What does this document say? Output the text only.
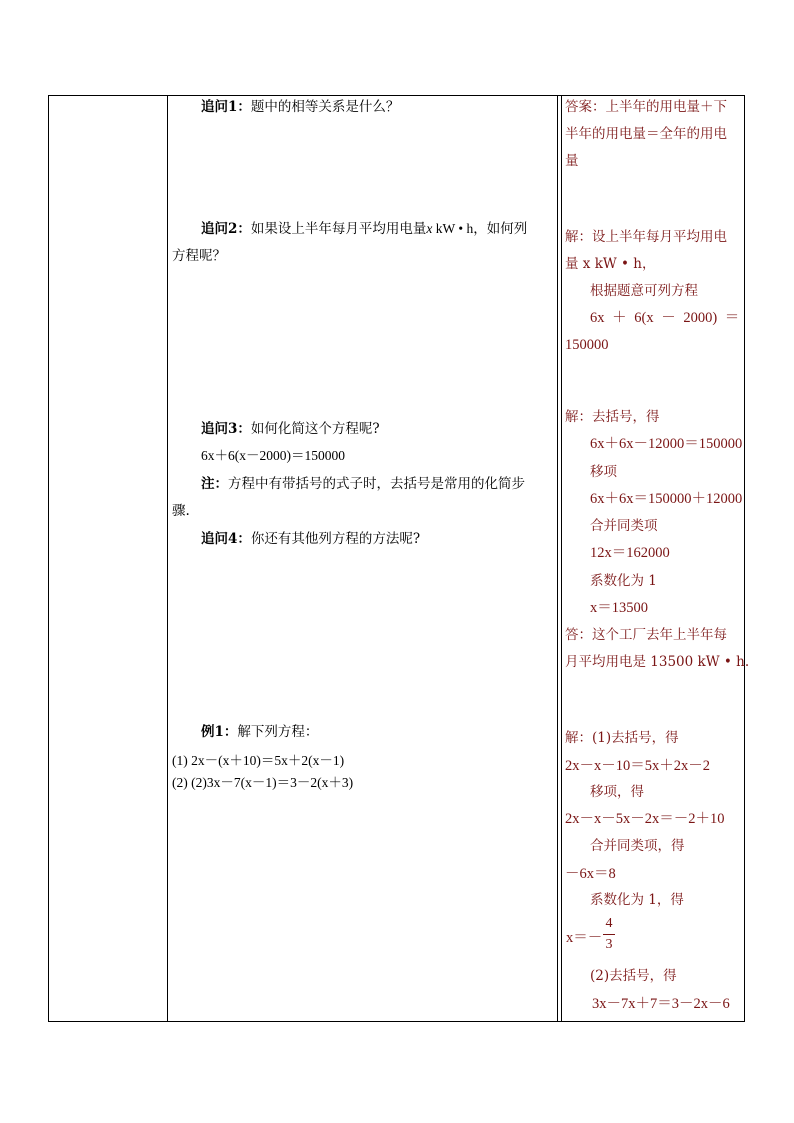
追问1：题中的相等关系是什么？
追问2：如果设上半年每月平均用电量x kW • h，如何列
方程呢？
追问3：如何化简这个方程呢?
6x＋6(x－2000)＝150000
注：方程中有带括号的式子时，去括号是常用的化简步
骤.
追问4：你还有其他列方程的方法呢?
例1：解下列方程：
(1) 2x－(x＋10)＝5x＋2(x－1)
(2) (2)3x－7(x－1)＝3－2(x＋3)
答案：上半年的用电量＋下
半年的用电量＝全年的用电
量
解：设上半年每月平均用电
量 x kW • h，
根据题意可列方程
6x ＋ 6(x － 2000) ＝
150000
解：去括号，得
6x＋6x－12000＝150000
移项
6x＋6x＝150000＋12000
合并同类项
12x＝162000
系数化为 1
x＝13500
答：这个工厂去年上半年每
月平均用电是 13500 kW • h.
解：(1)去括号，得
2x－x－10＝5x＋2x－2
移项，得
2x－x－5x－2x＝－2＋10
合并同类项，得
－6x＝8
系数化为 1，得
x＝－
4
3
(2)去括号，得
3x－7x＋7＝3－2x－6
